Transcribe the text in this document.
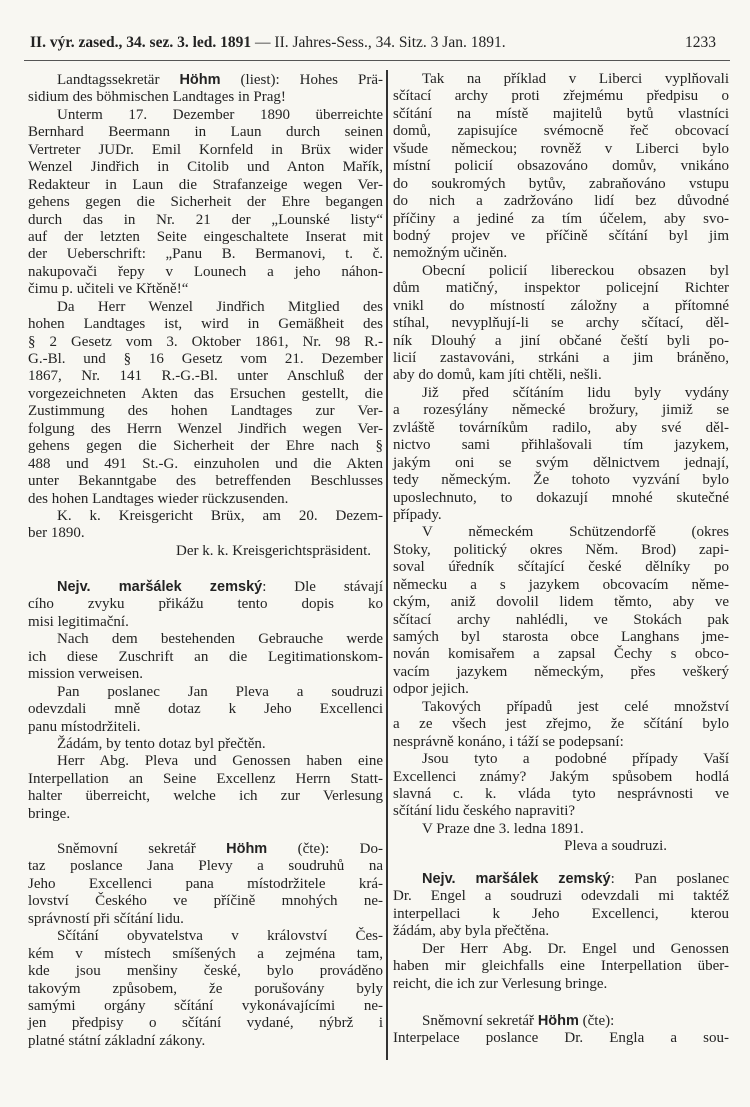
II. výr. zased., 34. sez. 3. led. 1891 — II. Jahres-Sess., 34. Sitz. 3 Jan. 1891.	1233
Landtagssekretär Höhm (liest): Hohes Prä-
sidium des böhmischen Landtages in Prag!
Unterm 17. Dezember 1890 überreichte
Bernhard Beermann in Laun durch seinen
Vertreter JUDr. Emil Kornfeld in Brüx wider
Wenzel Jindřich in Citolib und Anton Mařík,
Redakteur in Laun die Strafanzeige wegen Ver-
gehens gegen die Sicherheit der Ehre begangen
durch das in Nr. 21 der „Lounské listy“
auf der letzten Seite eingeschaltete Inserat mit
der Ueberschrift: „Panu B. Bermanovi, t. č.
nakupovači řepy v Lounech a jeho náhon-
čimu p. učiteli ve Křtěně!“
Da Herr Wenzel Jindřich Mitglied des
hohen Landtages ist, wird in Gemäßheit des
§ 2 Gesetz vom 3. Oktober 1861, Nr. 98 R.-
G.-Bl. und § 16 Gesetz vom 21. Dezember
1867, Nr. 141 R.-G.-Bl. unter Anschluß der
vorgezeichneten Akten das Ersuchen gestellt, die
Zustimmung des hohen Landtages zur Ver-
folgung des Herrn Wenzel Jindřich wegen Ver-
gehens gegen die Sicherheit der Ehre nach §
488 und 491 St.-G. einzuholen und die Akten
unter Bekanntgabe des betreffenden Beschlusses
des hohen Landtages wieder rückzusenden.
K. k. Kreisgericht Brüx, am 20. Dezem-
ber 1890.
Der k. k. Kreisgerichtspräsident.
Nejv. maršálek zemský: Dle stávají
cího zvyku přikážu tento dopis ko
misi legitimační.
Nach dem bestehenden Gebrauche werde
ich diese Zuschrift an die Legitimationskom-
mission verweisen.
Pan poslanec Jan Pleva a soudruzi
odevzdali mně dotaz k Jeho Excellenci
panu místodržiteli.
Žádám, by tento dotaz byl přečtěn.
Herr Abg. Pleva und Genossen haben eine
Interpellation an Seine Excellenz Herrn Statt-
halter überreicht, welche ich zur Verlesung
bringe.
Sněmovní sekretář Höhm (čte): Do-
taz poslance Jana Plevy a soudruhů na
Jeho Excellenci pana místodržitele krá-
lovství Českého ve příčině mnohých ne-
správností při sčítání lidu.
Sčítání obyvatelstva v království Čes-
kém v místech smíšených a zejména tam,
kde jsou menšiny české, bylo prováděno
takovým způsobem, že porušovány byly
samými orgány sčítání vykonávajícími ne-
jen předpisy o sčítání vydané, nýbrž i
platné státní základní zákony.
Tak na příklad v Liberci vyplňovali
sčítací archy proti zřejmému předpisu o
sčítání na místě majitelů bytů vlastníci
domů, zapisujíce svémocně řeč obcovací
všude německou; rovněž v Liberci bylo
místní policií obsazováno domův, vnikáno
do soukromých bytův, zabraňováno vstupu
do nich a zadržováno lidí bez důvodné
příčiny a jediné za tím účelem, aby svo-
bodný projev ve příčině sčítání byl jim
nemožným učiněn.
Obecní policií libereckou obsazen byl
dům matičný, inspektor policejní Richter
vnikl do místností záložny a přítomné
stíhal, nevyplňují-li se archy sčítací, děl-
ník Dlouhý a jiní občané čeští byli po-
licií zastavováni, strkáni a jim bráněno,
aby do domů, kam jíti chtěli, nešli.
Již před sčítáním lidu byly vydány
a rozesýlány německé brožury, jimiž se
zvláště továrníkům radilo, aby své děl-
nictvo sami přihlašovali tím jazykem,
jakým oni se svým dělnictvem jednají,
tedy německým. Že tohoto vyzvání bylo
uposlechnuto, to dokazují mnohé skutečné
případy.
V německém Schützendorfě (okres
Stoky, politický okres Něm. Brod) zapi-
soval úředník sčítající české dělníky po
německu a s jazykem obcovacím něme-
ckým, aniž dovolil lidem těmto, aby ve
sčítací archy nahlédli, ve Stokách pak
samých byl starosta obce Langhans jme-
nován komisařem a zapsal Čechy s obco-
vacím jazykem německým, přes veškerý
odpor jejich.
Takových případů jest celé množství
a ze všech jest zřejmo, že sčítání bylo
nesprávně konáno, i táží se podepsaní:
Jsou tyto a podobné případy Vaší
Excellenci známy? Jakým spůsobem hodlá
slavná c. k. vláda tyto nesprávnosti ve
sčítání lidu českého napraviti?
V Praze dne 3. ledna 1891.
Pleva a soudruzi.
Nejv. maršálek zemský: Pan poslanec
Dr. Engel a soudruzi odevzdali mi taktéž
interpellaci k Jeho Excellenci, kterou
žádám, aby byla přečtěna.
Der Herr Abg. Dr. Engel und Genossen
haben mir gleichfalls eine Interpellation über-
reicht, die ich zur Verlesung bringe.
Sněmovní sekretář Höhm (čte):
Interpelace poslance Dr. Engla a sou-
